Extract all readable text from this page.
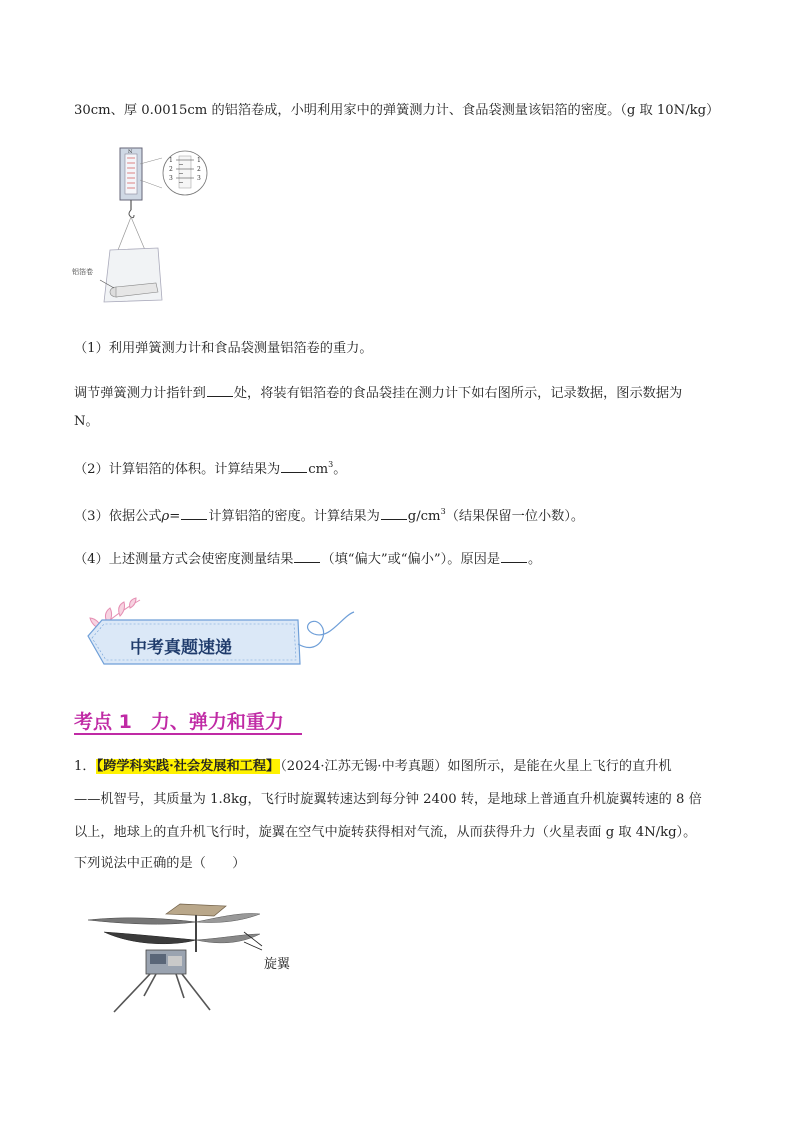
30cm、厚 0.0015cm 的铝箔卷成，小明利用家中的弹簧测力计、食品袋测量该铝箔的密度。（g 取 10N/kg）
N
1
2
3
1
2
3
铝箔卷
（1）利用弹簧测力计和食品袋测量铝箔卷的重力。
调节弹簧测力计指针到 处，将装有铝箔卷的食品袋挂在测力计下如右图所示，记录数据，图示数据为
N。
（2）计算铝箔的体积。计算结果为 $cm^3$。
（3）依据公式ρ= 计算铝箔的密度。计算结果为 $g/cm^3$（结果保留一位小数）。
（4）上述测量方式会使密度测量结果 （填“偏大”或“偏小”）。原因是 。
中考真题速递
考点 1　力、弹力和重力
1．【跨学科实践·社会发展和工程】（2024·江苏无锡·中考真题）如图所示，是能在火星上飞行的直升机
——机智号，其质量为 1.8kg，飞行时旋翼转速达到每分钟 2400 转，是地球上普通直升机旋翼转速的 8 倍
以上，地球上的直升机飞行时，旋翼在空气中旋转获得相对气流，从而获得升力（火星表面 g 取 4N/kg）。
下列说法中正确的是（　　）
旋翼
